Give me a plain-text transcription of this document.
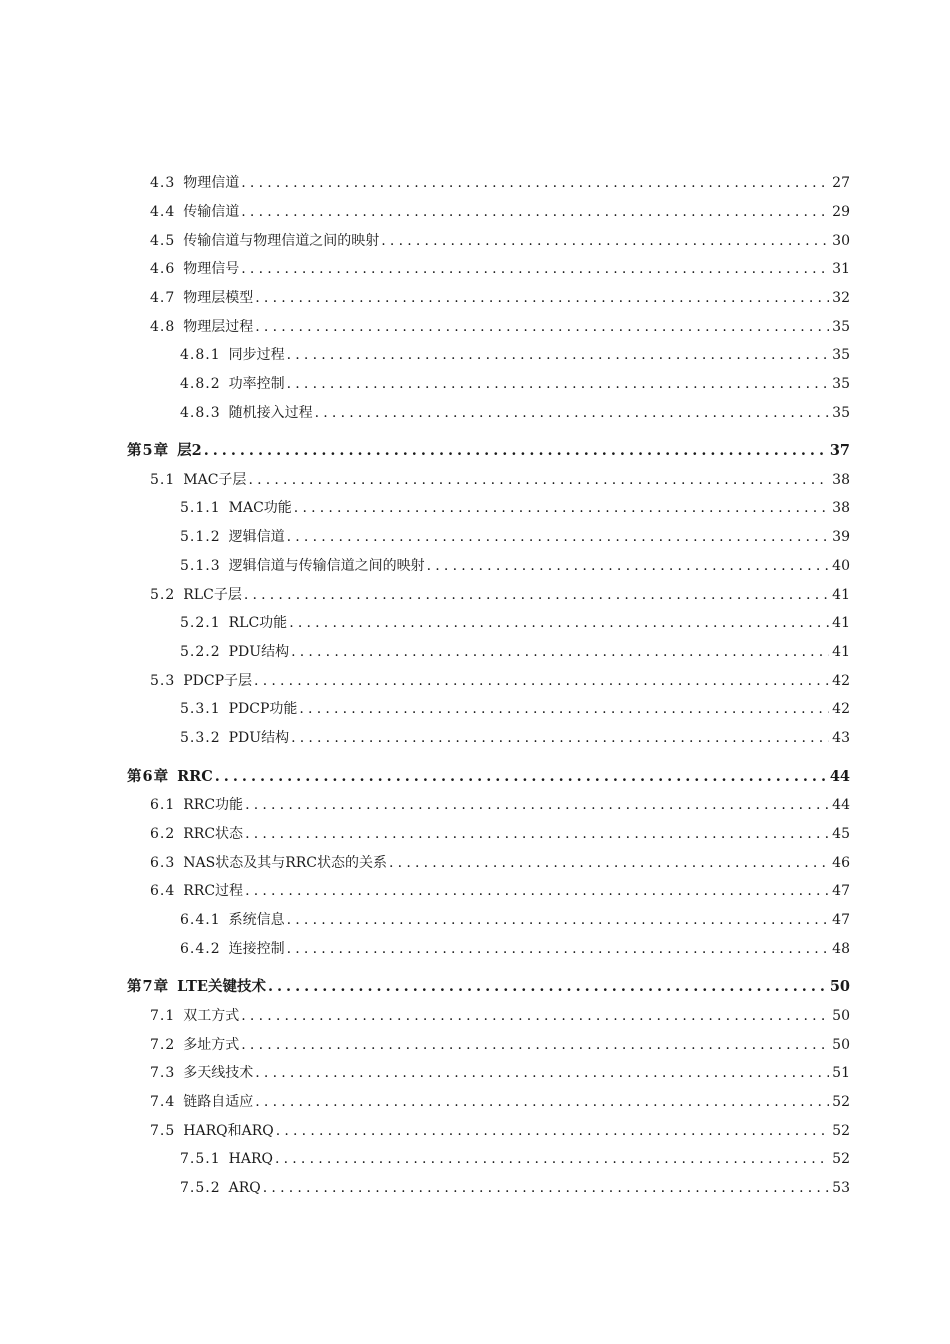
4.3 物理信道 .....	27
4.4 传输信道 .....	29
4.5 传输信道与物理信道之间的映射 .....	30
4.6 物理信号 .....	31
4.7 物理层模型 .....	32
4.8 物理层过程 .....	35
4.8.1 同步过程 .....	35
4.8.2 功率控制 .....	35
4.8.3 随机接入过程 .....	35
第5章 层2 .....	37
5.1 MAC子层 .....	38
5.1.1 MAC功能 .....	38
5.1.2 逻辑信道 .....	39
5.1.3 逻辑信道与传输信道之间的映射 .....	40
5.2 RLC子层 .....	41
5.2.1 RLC功能 .....	41
5.2.2 PDU结构 .....	41
5.3 PDCP子层 .....	42
5.3.1 PDCP功能 .....	42
5.3.2 PDU结构 .....	43
第6章 RRC .....	44
6.1 RRC功能 .....	44
6.2 RRC状态 .....	45
6.3 NAS状态及其与RRC状态的关系 .....	46
6.4 RRC过程 .....	47
6.4.1 系统信息 .....	47
6.4.2 连接控制 .....	48
第7章 LTE关键技术 .....	50
7.1 双工方式 .....	50
7.2 多址方式 .....	50
7.3 多天线技术 .....	51
7.4 链路自适应 .....	52
7.5 HARQ和ARQ .....	52
7.5.1 HARQ .....	52
7.5.2 ARQ .....	53
